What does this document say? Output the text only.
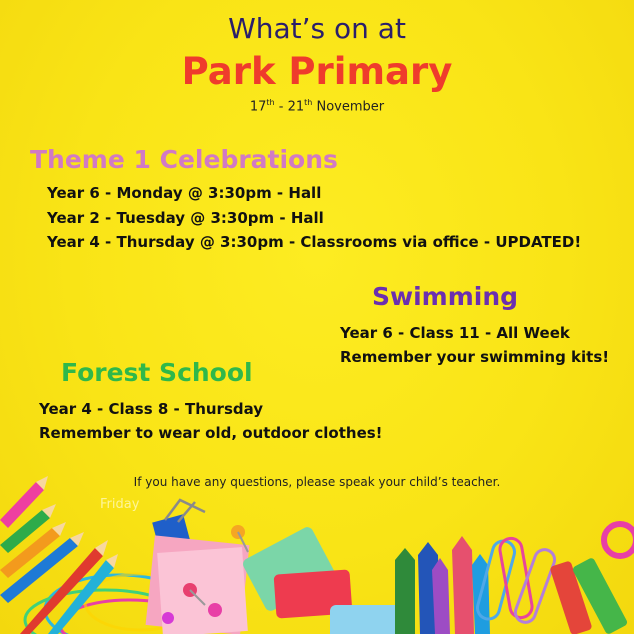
What’s on at

Park Primary

17th - 21th November

Theme 1 Celebrations

Year 6 - Monday @ 3:30pm - Hall

Year 2 - Tuesday @ 3:30pm - Hall

Year 4 - Thursday @ 3:30pm - Classrooms via office - UPDATED!

Swimming

Year 6 - Class 11 - All Week

Remember your swimming kits!

Forest School

Year 4 - Class 8 - Thursday

Remember to wear old, outdoor clothes!

If you have any questions, please speak your child’s teacher.

Friday
